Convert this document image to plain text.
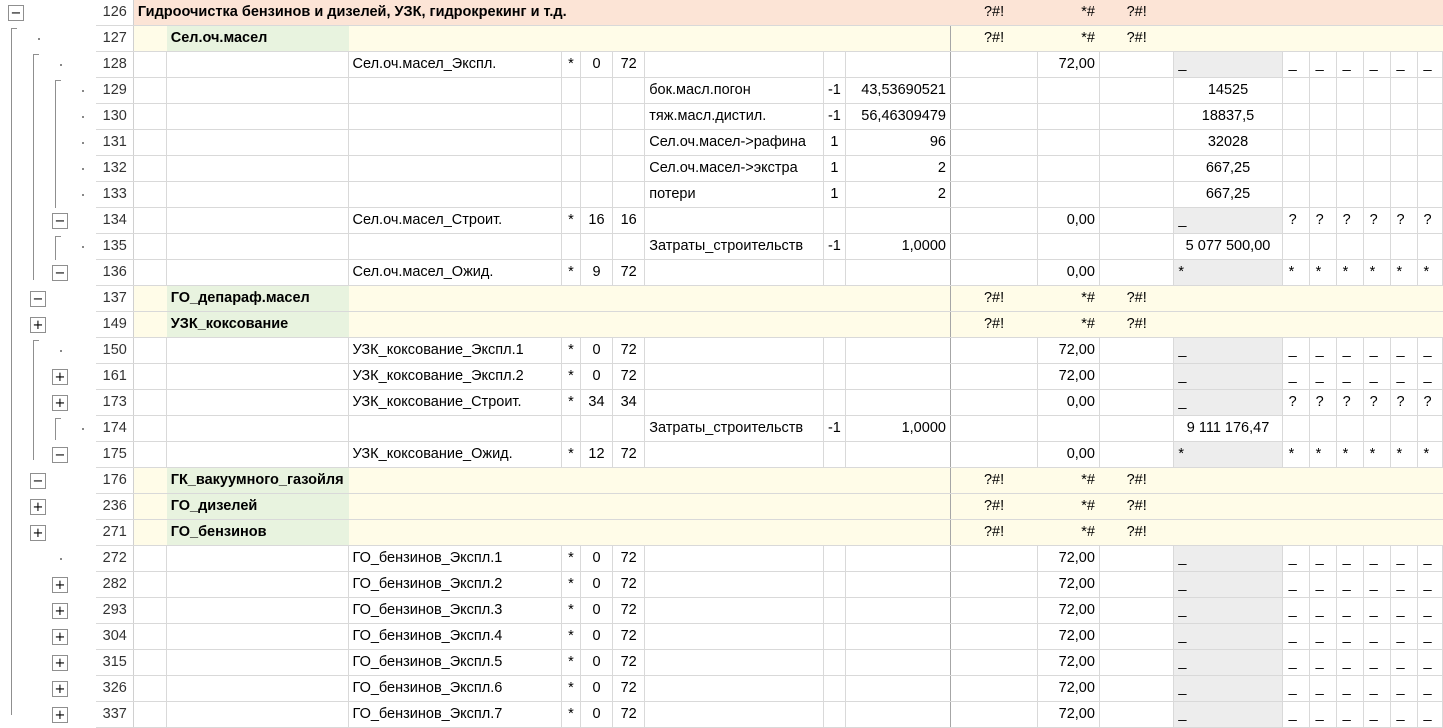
−
−
−
−
+
+
+
−
−
+
+
+
+
+
+
+
+
126	Гидроочистка бензинов и дизелей, УЗК, гидрокрекинг и т.д.									?#!	*#	?#!							
127		Сел.оч.масел								?#!	*#	?#!							
128			Сел.оч.масел_Экспл.	*	0	72					72,00		_	_	_	_	_	_	_
129							бок.масл.погон	-1	43,53690521				14525						
130							тяж.масл.дистил.	-1	56,46309479				18837,5						
131							Сел.оч.масел->рафина	1	96				32028						
132							Сел.оч.масел->экстра	1	2				667,25						
133							потери	1	2				667,25						
134			Сел.оч.масел_Строит.	*	16	16					0,00		_	?	?	?	?	?	?
135							Затраты_строительств	-1	1,0000				5 077 500,00						
136			Сел.оч.масел_Ожид.	*	9	72					0,00		*	*	*	*	*	*	*
137		ГО_депараф.масел								?#!	*#	?#!							
149		УЗК_коксование								?#!	*#	?#!							
150			УЗК_коксование_Экспл.1	*	0	72					72,00		_	_	_	_	_	_	_
161			УЗК_коксование_Экспл.2	*	0	72					72,00		_	_	_	_	_	_	_
173			УЗК_коксование_Строит.	*	34	34					0,00		_	?	?	?	?	?	?
174							Затраты_строительств	-1	1,0000				9 111 176,47						
175			УЗК_коксование_Ожид.	*	12	72					0,00		*	*	*	*	*	*	*
176		ГК_вакуумного_газойля								?#!	*#	?#!							
236		ГО_дизелей								?#!	*#	?#!							
271		ГО_бензинов								?#!	*#	?#!							
272			ГО_бензинов_Экспл.1	*	0	72					72,00		_	_	_	_	_	_	_
282			ГО_бензинов_Экспл.2	*	0	72					72,00		_	_	_	_	_	_	_
293			ГО_бензинов_Экспл.3	*	0	72					72,00		_	_	_	_	_	_	_
304			ГО_бензинов_Экспл.4	*	0	72					72,00		_	_	_	_	_	_	_
315			ГО_бензинов_Экспл.5	*	0	72					72,00		_	_	_	_	_	_	_
326			ГО_бензинов_Экспл.6	*	0	72					72,00		_	_	_	_	_	_	_
337			ГО_бензинов_Экспл.7	*	0	72					72,00		_	_	_	_	_	_	_
